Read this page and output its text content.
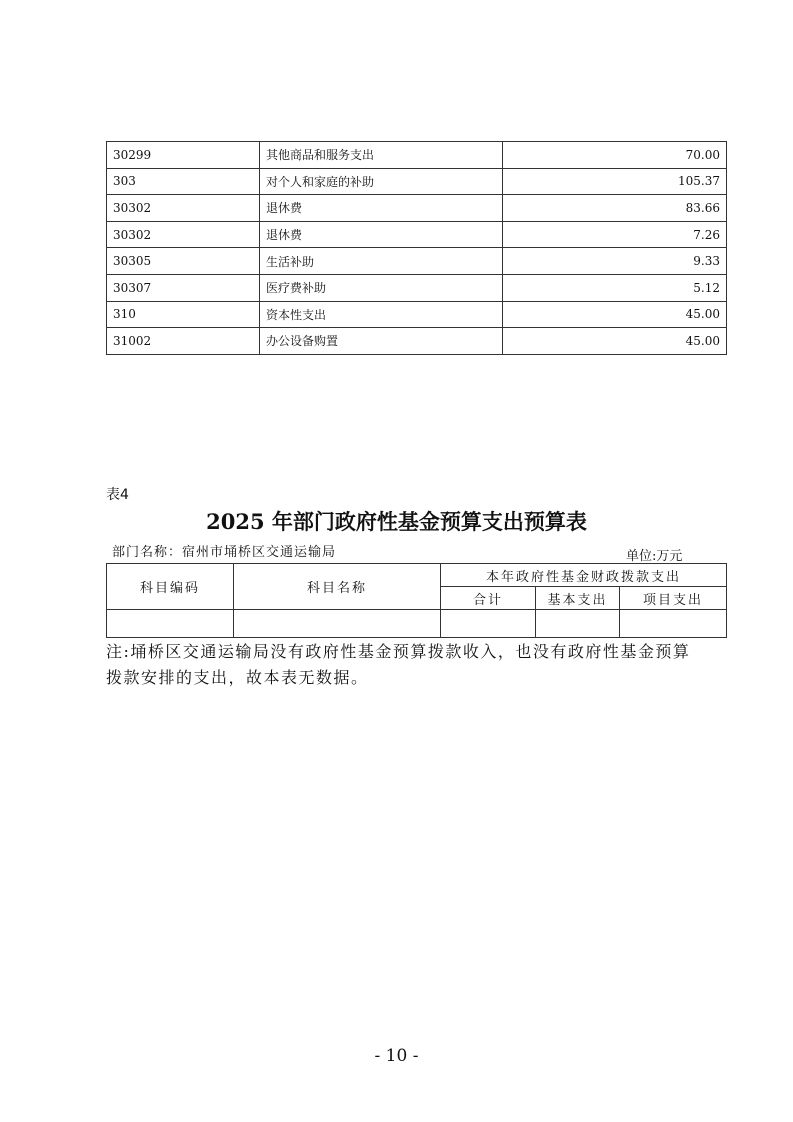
30299	其他商品和服务支出	70.00
303	对个人和家庭的补助	105.37
30302	退休费	83.66
30302	退休费	7.26
30305	生活补助	9.33
30307	医疗费补助	5.12
310	资本性支出	45.00
31002	办公设备购置	45.00
表4
2025 年部门政府性基金预算支出预算表
部门名称：宿州市埇桥区交通运输局	单位:万元
科目编码	科目名称	本年政府性基金财政拨款支出		
		合计	基本支出	项目支出

注:埇桥区交通运输局没有政府性基金预算拨款收入，也没有政府性基金预算拨款安排的支出，故本表无数据。
- 10 -
